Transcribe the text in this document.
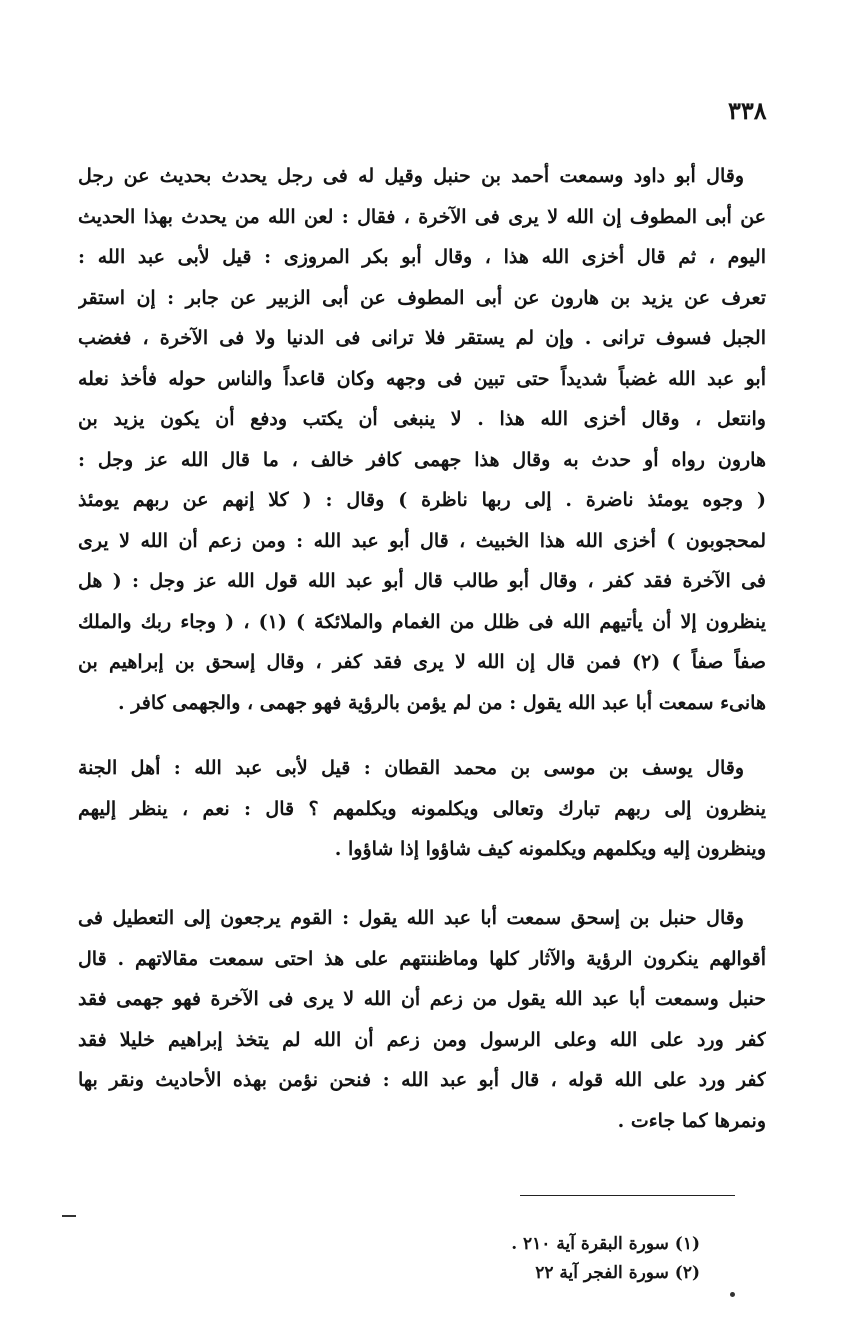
٣٣٨
وقال أبو داود وسمعت أحمد بن حنبل وقيل له فى رجل يحدث بحديث عن رجل
عن أبى المطوف إن الله لا يرى فى الآخرة ، فقال : لعن الله من يحدث بهذا الحديث
اليوم ، ثم قال أخزى الله هذا ، وقال أبو بكر المروزى : قيل لأبى عبد الله :
تعرف عن يزيد بن هارون عن أبى المطوف عن أبى الزبير عن جابر : إن استقر
الجبل فسوف ترانى . وإن لم يستقر فلا ترانى فى الدنيا ولا فى الآخرة ، فغضب
أبو عبد الله غضباً شديداً حتى تبين فى وجهه وكان قاعداً والناس حوله فأخذ نعله
وانتعل ، وقال أخزى الله هذا . لا ينبغى أن يكتب ودفع أن يكون يزيد بن
هارون رواه أو حدث به وقال هذا جهمى كافر خالف ، ما قال الله عز وجل :
( وجوه يومئذ ناضرة . إلى ربها ناظرة ) وقال : ( كلا إنهم عن ربهم يومئذ
لمحجوبون ) أخزى الله هذا الخبيث ، قال أبو عبد الله : ومن زعم أن الله لا يرى
فى الآخرة فقد كفر ، وقال أبو طالب قال أبو عبد الله قول الله عز وجل : ( هل
ينظرون إلا أن يأتيهم الله فى ظلل من الغمام والملائكة ) (١) ، ( وجاء ربك والملك
صفاً صفاً ) (٢) فمن قال إن الله لا يرى فقد كفر ، وقال إسحق بن إبراهيم بن
هانىء سمعت أبا عبد الله يقول : من لم يؤمن بالرؤية فهو جهمى ، والجهمى كافر .
وقال يوسف بن موسى بن محمد القطان : قيل لأبى عبد الله : أهل الجنة
ينظرون إلى ربهم تبارك وتعالى ويكلمونه ويكلمهم ؟ قال : نعم ، ينظر إليهم
وينظرون إليه ويكلمهم ويكلمونه كيف شاؤوا إذا شاؤوا .
وقال حنبل بن إسحق سمعت أبا عبد الله يقول : القوم يرجعون إلى التعطيل فى
أقوالهم ينكرون الرؤية والآثار كلها وماظننتهم على هذ احتى سمعت مقالاتهم . قال
حنبل وسمعت أبا عبد الله يقول من زعم أن الله لا يرى فى الآخرة فهو جهمى فقد
كفر ورد على الله وعلى الرسول ومن زعم أن الله لم يتخذ إبراهيم خليلا فقد
كفر ورد على الله قوله ، قال أبو عبد الله : فنحن نؤمن بهذه الأحاديث ونقر بها
ونمرها كما جاءت .
(١) سورة البقرة آية ٢١٠ .
(٢) سورة الفجر آية ٢٢
